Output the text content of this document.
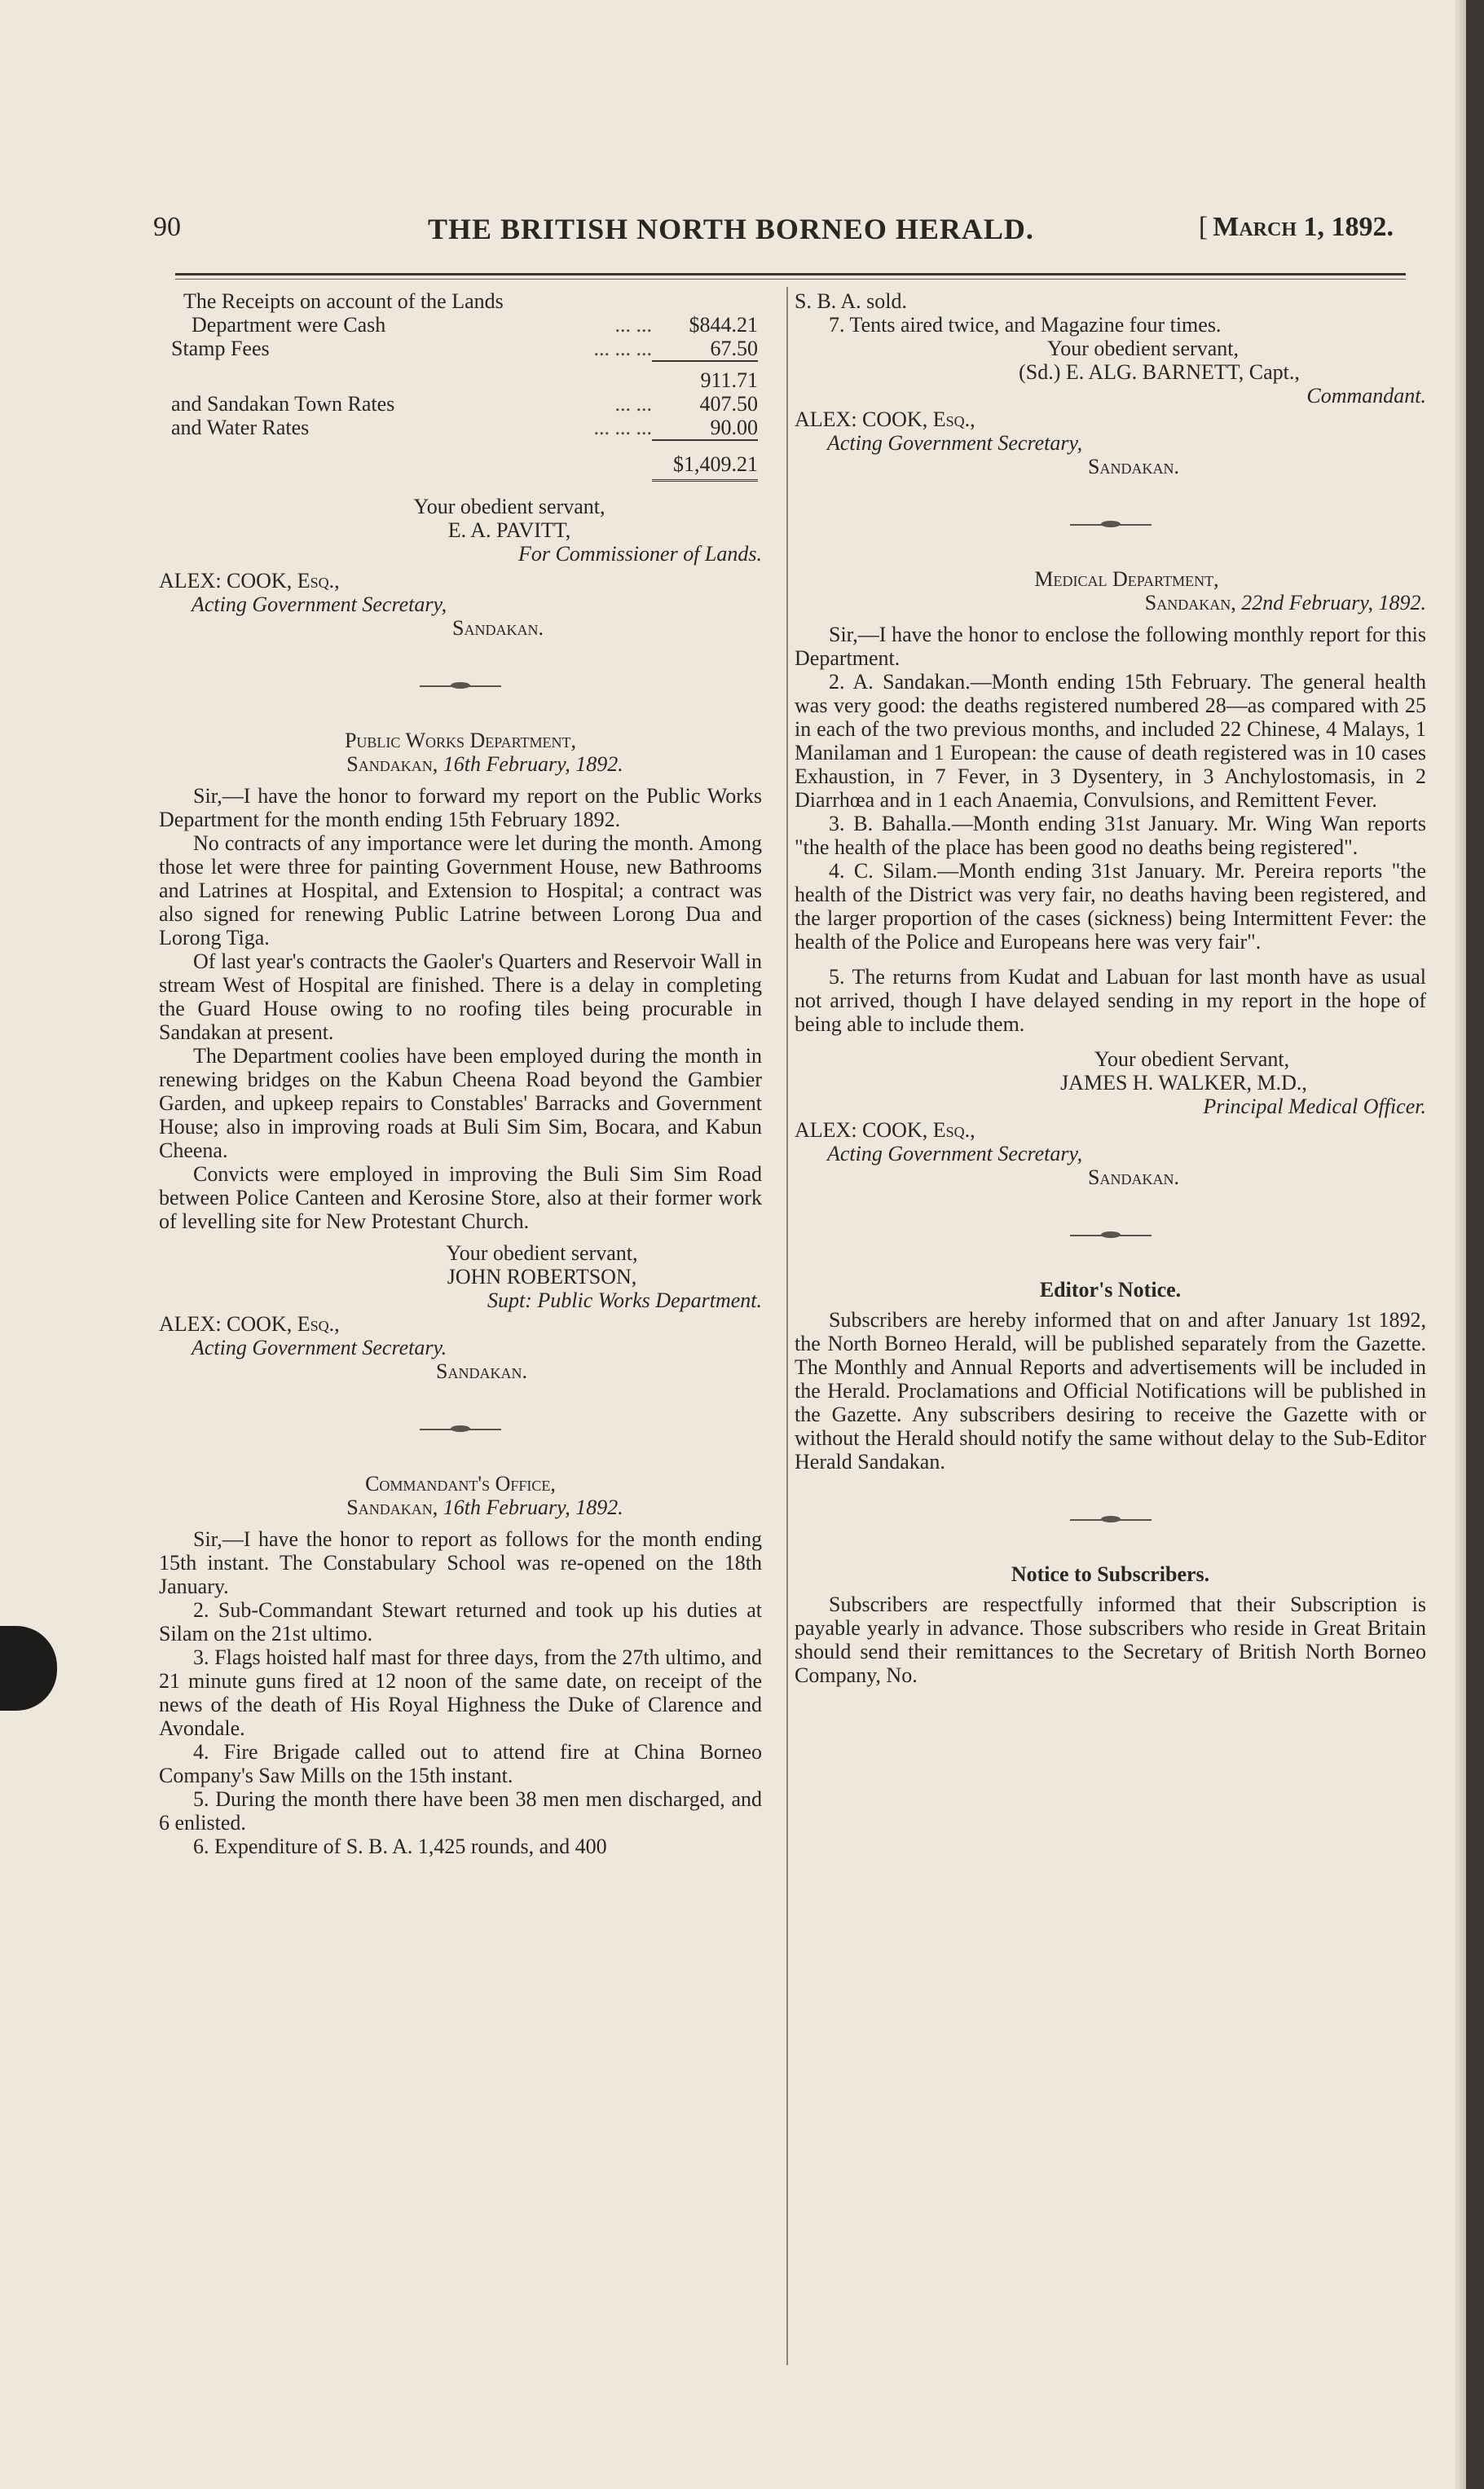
90	THE BRITISH NORTH BORNEO HERALD.	[ March 1, 1892.

The Receipts on account of the Lands

Department were Cash	... ...	$844.21
Stamp Fees	... ... ...	67.50
		911.71
and Sandakan Town Rates	... ...	407.50
and Water Rates	... ... ...	90.00
		$1,409.21

Your obedient servant,

E. A. PAVITT,

For Commissioner of Lands.

ALEX: COOK, Esq.,

Acting Government Secretary,

Sandakan.

Public Works Department,

Sandakan, 16th February, 1892.

Sir,—I have the honor to forward my report on the Public Works Department for the month ending 15th February 1892.

No contracts of any importance were let during the month. Among those let were three for painting Government House, new Bathrooms and Latrines at Hospital, and Extension to Hospital; a contract was also signed for renewing Public Latrine between Lorong Dua and Lorong Tiga.

Of last year's contracts the Gaoler's Quarters and Reservoir Wall in stream West of Hospital are finished. There is a delay in completing the Guard House owing to no roofing tiles being procurable in Sandakan at present.

The Department coolies have been employed during the month in renewing bridges on the Kabun Cheena Road beyond the Gambier Garden, and upkeep repairs to Constables' Barracks and Government House; also in improving roads at Buli Sim Sim, Bocara, and Kabun Cheena.

Convicts were employed in improving the Buli Sim Sim Road between Police Canteen and Kerosine Store, also at their former work of levelling site for New Protestant Church.

Your obedient servant,

JOHN ROBERTSON,

Supt: Public Works Department.

ALEX: COOK, Esq.,

Acting Government Secretary.

Sandakan.

Commandant's Office,

Sandakan, 16th February, 1892.

Sir,—I have the honor to report as follows for the month ending 15th instant. The Constabulary School was re-opened on the 18th January.

2. Sub-Commandant Stewart returned and took up his duties at Silam on the 21st ultimo.

3. Flags hoisted half mast for three days, from the 27th ultimo, and 21 minute guns fired at 12 noon of the same date, on receipt of the news of the death of His Royal Highness the Duke of Clarence and Avondale.

4. Fire Brigade called out to attend fire at China Borneo Company's Saw Mills on the 15th instant.

5. During the month there have been 38 men men discharged, and 6 enlisted.

6. Expenditure of S. B. A. 1,425 rounds, and 400

S. B. A. sold.

7. Tents aired twice, and Magazine four times.

Your obedient servant,

(Sd.) E. ALG. BARNETT, Capt.,

Commandant.

ALEX: COOK, Esq.,

Acting Government Secretary,

Sandakan.

Medical Department,

Sandakan, 22nd February, 1892.

Sir,—I have the honor to enclose the following monthly report for this Department.

2. A. Sandakan.—Month ending 15th February. The general health was very good: the deaths registered numbered 28—as compared with 25 in each of the two previous months, and included 22 Chinese, 4 Malays, 1 Manilaman and 1 European: the cause of death registered was in 10 cases Exhaustion, in 7 Fever, in 3 Dysentery, in 3 Anchylostomasis, in 2 Diarrhœa and in 1 each Anaemia, Convulsions, and Remittent Fever.

3. B. Bahalla.—Month ending 31st January. Mr. Wing Wan reports "the health of the place has been good no deaths being registered".

4. C. Silam.—Month ending 31st January. Mr. Pereira reports "the health of the District was very fair, no deaths having been registered, and the larger proportion of the cases (sickness) being Intermittent Fever: the health of the Police and Europeans here was very fair".

5. The returns from Kudat and Labuan for last month have as usual not arrived, though I have delayed sending in my report in the hope of being able to include them.

Your obedient Servant,

JAMES H. WALKER, M.D.,

Principal Medical Officer.

ALEX: COOK, Esq.,

Acting Government Secretary,

Sandakan.

Editor's Notice.

Subscribers are hereby informed that on and after January 1st 1892, the North Borneo Herald, will be published separately from the Gazette. The Monthly and Annual Reports and advertisements will be included in the Herald. Proclamations and Official Notifications will be published in the Gazette. Any subscribers desiring to receive the Gazette with or without the Herald should notify the same without delay to the Sub-Editor Herald Sandakan.

Notice to Subscribers.

Subscribers are respectfully informed that their Subscription is payable yearly in advance. Those subscribers who reside in Great Britain should send their remittances to the Secretary of British North Borneo Company, No.
